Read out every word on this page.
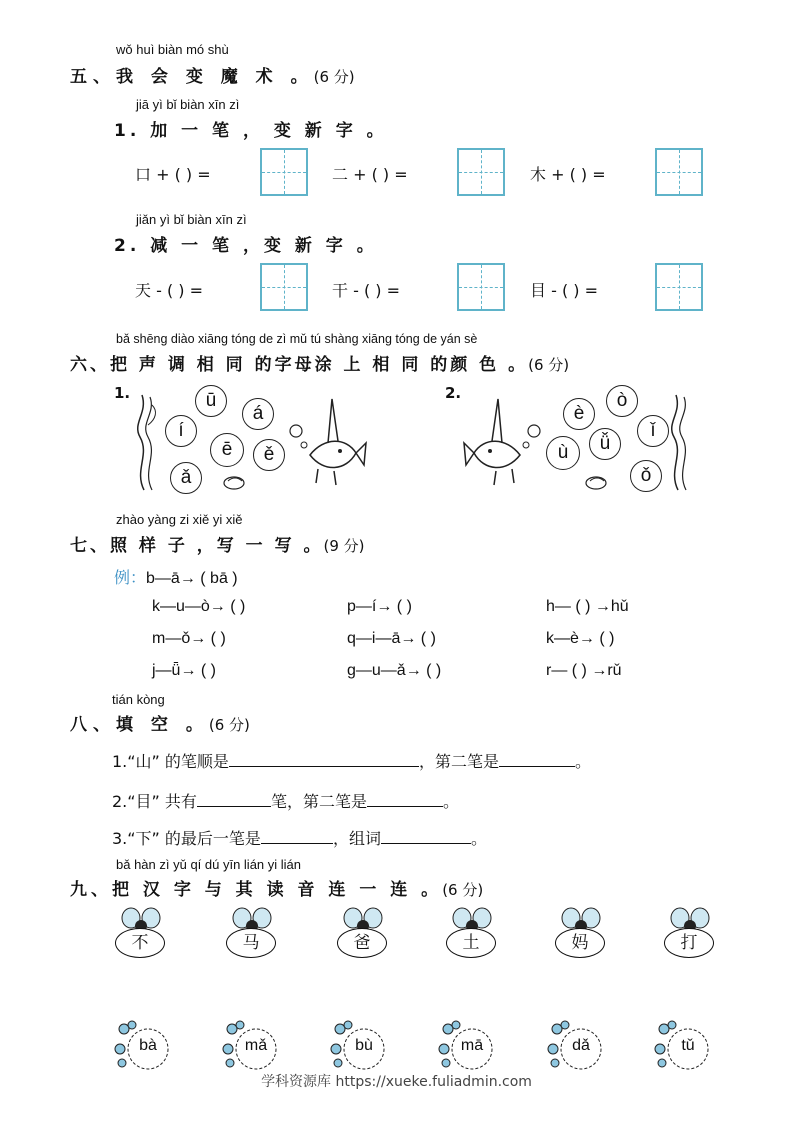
wǒ huì biàn mó shù
五、我 会 变 魔 术 。(6 分)
jiā yì bǐ biàn xīn zì
1. 加 一 笔 ， 变 新 字 。
口 + ( ) =	二 + ( ) =	木 + ( ) =
jiǎn yì bǐ biàn xīn zì
2. 减 一 笔 ，变 新 字 。
天 - ( ) =	干 - ( ) =	目 - ( ) =
bǎ shēng diào xiāng tóng de zì mǔ tú shàng xiāng tóng de yán sè
六、把 声 调 相 同 的字母涂 上 相 同 的颜 色 。(6 分)
1.	ū
á
í
ē	ě
ǎ
2.
è
ò
ù	ǚ
ǐ
ǒ
zhào yàng zi xiě yi xiě
七、照 样 子 ，写 一 写 。(9 分)
例：b—ā→ ( bā )
k—u—ò→ ( )	p—í→ ( )	h— ( ) →hǔ
m—ǒ→ ( )	q—i—ā→ ( )	k—è→ ( )
j—ǖ→ ( )	g—u—ǎ→ ( )	r— ( ) →rǔ
tián kòng
八、填 空 。(6 分)
1.“山” 的笔顺是	，第二笔是	。
2.“目” 共有	笔，第二笔是	。
3.“下” 的最后一笔是	，组词	。
bǎ hàn zì yǔ qí dú yīn lián yi lián
九、把 汉 字 与 其 读 音 连 一 连 。(6 分)
不	马	爸	土	妈	打
bà	mǎ	bù	mā	dǎ	tǔ
学科资源库 https://xueke.fuliadmin.com
